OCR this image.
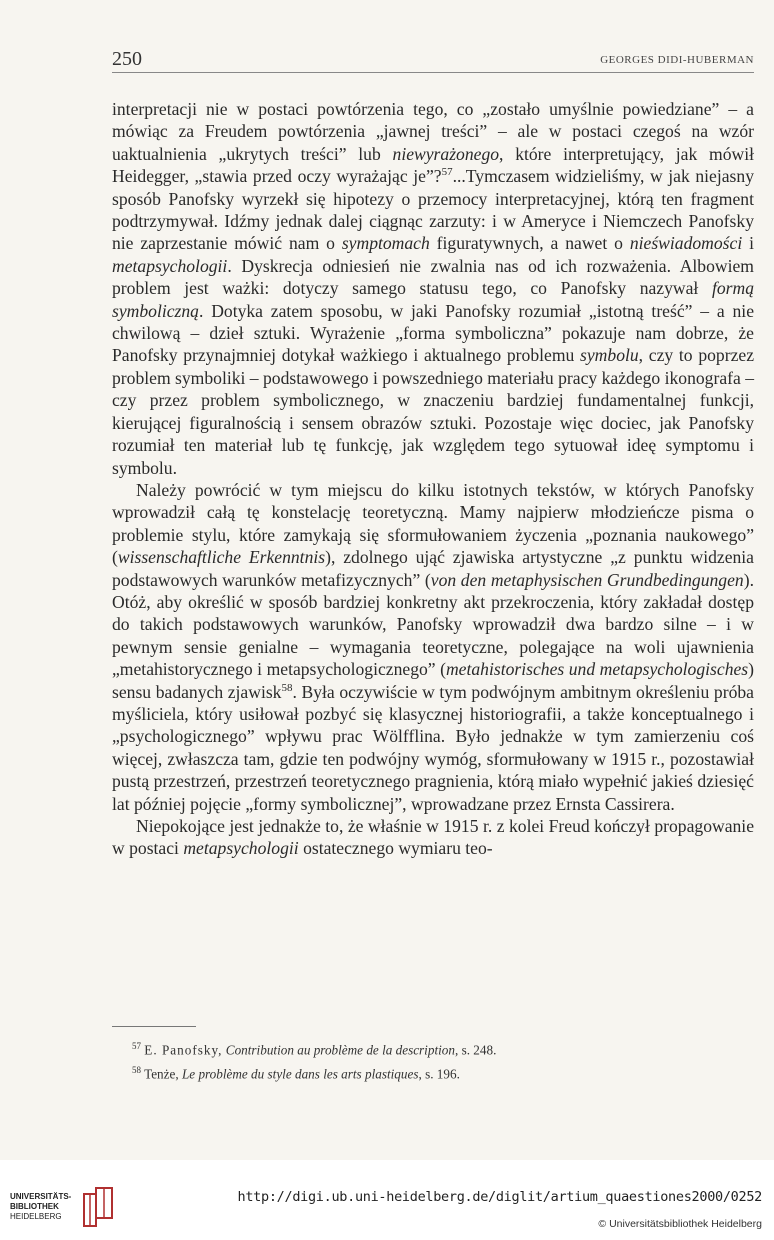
250	GEORGES DIDI-HUBERMAN

interpretacji nie w postaci powtórzenia tego, co „zostało umyślnie powiedziane” – a mówiąc za Freudem powtórzenia „jawnej treści” – ale w postaci czegoś na wzór uaktualnienia „ukrytych treści” lub niewyrażonego, które interpretujący, jak mówił Heidegger, „stawia przed oczy wyrażając je”?$^{57}$...Tymczasem widzieliśmy, w jak niejasny sposób Panofsky wyrzekł się hipotezy o przemocy interpretacyjnej, którą ten fragment podtrzymywał. Idźmy jednak dalej ciągnąc zarzuty: i w Ameryce i Niemczech Panofsky nie zaprzestanie mówić nam o symptomach figuratywnych, a nawet o nieświadomości i metapsychologii. Dyskrecja odniesień nie zwalnia nas od ich rozważenia. Albowiem problem jest ważki: dotyczy samego statusu tego, co Panofsky nazywał formą symboliczną. Dotyka zatem sposobu, w jaki Panofsky rozumiał „istotną treść” – a nie chwilową – dzieł sztuki. Wyrażenie „forma symboliczna” pokazuje nam dobrze, że Panofsky przynajmniej dotykał ważkiego i aktualnego problemu symbolu, czy to poprzez problem symboliki – podstawowego i powszedniego materiału pracy każdego ikonografa – czy przez problem symbolicznego, w znaczeniu bardziej fundamentalnej funkcji, kierującej figuralnością i sensem obrazów sztuki. Pozostaje więc dociec, jak Panofsky rozumiał ten materiał lub tę funkcję, jak względem tego sytuował ideę symptomu i symbolu.

Należy powrócić w tym miejscu do kilku istotnych tekstów, w których Panofsky wprowadził całą tę konstelację teoretyczną. Mamy najpierw młodzieńcze pisma o problemie stylu, które zamykają się sformułowaniem życzenia „poznania naukowego” (wissenschaftliche Erkenntnis), zdolnego ująć zjawiska artystyczne „z punktu widzenia podstawowych warunków metafizycznych” (von den metaphysischen Grundbedingungen). Otóż, aby określić w sposób bardziej konkretny akt przekroczenia, który zakładał dostęp do takich podstawowych warunków, Panofsky wprowadził dwa bardzo silne – i w pewnym sensie genialne – wymagania teoretyczne, polegające na woli ujawnienia „metahistorycznego i metapsychologicznego” (metahistorisches und metapsychologisches) sensu badanych zjawisk$^{58}$. Była oczywiście w tym podwójnym ambitnym określeniu próba myśliciela, który usiłował pozbyć się klasycznej historiografii, a także konceptualnego i „psychologicznego” wpływu prac Wölfflina. Było jednakże w tym zamierzeniu coś więcej, zwłaszcza tam, gdzie ten podwójny wymóg, sformułowany w 1915 r., pozostawiał pustą przestrzeń, przestrzeń teoretycznego pragnienia, którą miało wypełnić jakieś dziesięć lat później pojęcie „formy symbolicznej”, wprowadzane przez Ernsta Cassirera.

Niepokojące jest jednakże to, że właśnie w 1915 r. z kolei Freud kończył propagowanie w postaci metapsychologii ostatecznego wymiaru teo-

$^{57}$ E. Panofsky, Contribution au problème de la description, s. 248.
$^{58}$ Tenże, Le problème du style dans les arts plastiques, s. 196.
UNIVERSITÄTS-
BIBLIOTHEK
HEIDELBERG
http://digi.ub.uni-heidelberg.de/diglit/artium_quaestiones2000/0252
© Universitätsbibliothek Heidelberg
